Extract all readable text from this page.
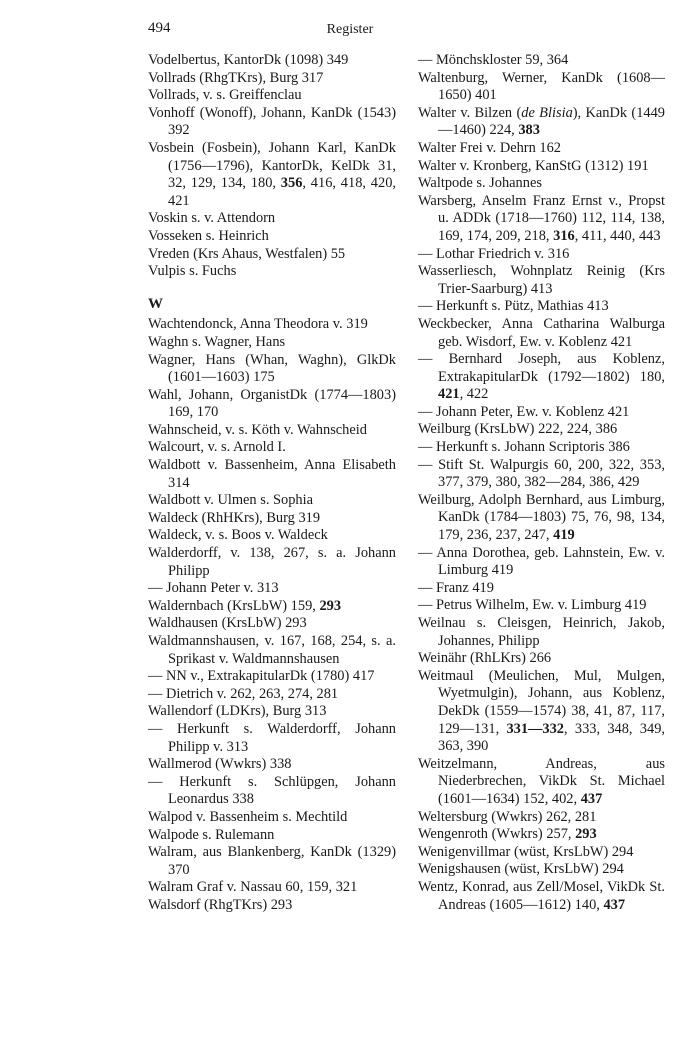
494	Register
Vodelbertus, KantorDk (1098) 349
Vollrads (RhgTKrs), Burg 317
Vollrads, v. s. Greiffenclau
Vonhoff (Wonoff), Johann, KanDk (1543) 392
Vosbein (Fosbein), Johann Karl, KanDk (1756—1796), KantorDk, KelDk 31, 32, 129, 134, 180, 356, 416, 418, 420, 421
Voskin s. v. Attendorn
Vosseken s. Heinrich
Vreden (Krs Ahaus, Westfalen) 55
Vulpis s. Fuchs
W
Wachtendonck, Anna Theodora v. 319
Waghn s. Wagner, Hans
Wagner, Hans (Whan, Waghn), GlkDk (1601—1603) 175
Wahl, Johann, OrganistDk (1774—1803) 169, 170
Wahnscheid, v. s. Köth v. Wahnscheid
Walcourt, v. s. Arnold I.
Waldbott v. Bassenheim, Anna Elisabeth 314
Waldbott v. Ulmen s. Sophia
Waldeck (RhHKrs), Burg 319
Waldeck, v. s. Boos v. Waldeck
Walderdorff, v. 138, 267, s. a. Johann Philipp
— Johann Peter v. 313
Waldernbach (KrsLbW) 159, 293
Waldhausen (KrsLbW) 293
Waldmannshausen, v. 167, 168, 254, s. a. Sprikast v. Waldmannshausen
— NN v., ExtrakapitularDk (1780) 417
— Dietrich v. 262, 263, 274, 281
Wallendorf (LDKrs), Burg 313
— Herkunft s. Walderdorff, Johann Philipp v. 313
Wallmerod (Wwkrs) 338
— Herkunft s. Schlüpgen, Johann Leonardus 338
Walpod v. Bassenheim s. Mechtild
Walpode s. Rulemann
Walram, aus Blankenberg, KanDk (1329) 370
Walram Graf v. Nassau 60, 159, 321
Walsdorf (RhgTKrs) 293
— Mönchskloster 59, 364
Waltenburg, Werner, KanDk (1608—1650) 401
Walter v. Bilzen (de Blisia), KanDk (1449—1460) 224, 383
Walter Frei v. Dehrn 162
Walter v. Kronberg, KanStG (1312) 191
Waltpode s. Johannes
Warsberg, Anselm Franz Ernst v., Propst u. ADDk (1718—1760) 112, 114, 138, 169, 174, 209, 218, 316, 411, 440, 443
— Lothar Friedrich v. 316
Wasserliesch, Wohnplatz Reinig (Krs Trier-Saarburg) 413
— Herkunft s. Pütz, Mathias 413
Weckbecker, Anna Catharina Walburga geb. Wisdorf, Ew. v. Koblenz 421
— Bernhard Joseph, aus Koblenz, ExtrakapitularDk (1792—1802) 180, 421, 422
— Johann Peter, Ew. v. Koblenz 421
Weilburg (KrsLbW) 222, 224, 386
— Herkunft s. Johann Scriptoris 386
— Stift St. Walpurgis 60, 200, 322, 353, 377, 379, 380, 382—284, 386, 429
Weilburg, Adolph Bernhard, aus Limburg, KanDk (1784—1803) 75, 76, 98, 134, 179, 236, 237, 247, 419
— Anna Dorothea, geb. Lahnstein, Ew. v. Limburg 419
— Franz 419
— Petrus Wilhelm, Ew. v. Limburg 419
Weilnau s. Cleisgen, Heinrich, Jakob, Johannes, Philipp
Weinähr (RhLKrs) 266
Weitmaul (Meulichen, Mul, Mulgen, Wyetmulgin), Johann, aus Koblenz, DekDk (1559—1574) 38, 41, 87, 117, 129—131, 331—332, 333, 348, 349, 363, 390
Weitzelmann, Andreas, aus Niederbrechen, VikDk St. Michael (1601—1634) 152, 402, 437
Weltersburg (Wwkrs) 262, 281
Wengenroth (Wwkrs) 257, 293
Wenigenvillmar (wüst, KrsLbW) 294
Wenigshausen (wüst, KrsLbW) 294
Wentz, Konrad, aus Zell/Mosel, VikDk St. Andreas (1605—1612) 140, 437
